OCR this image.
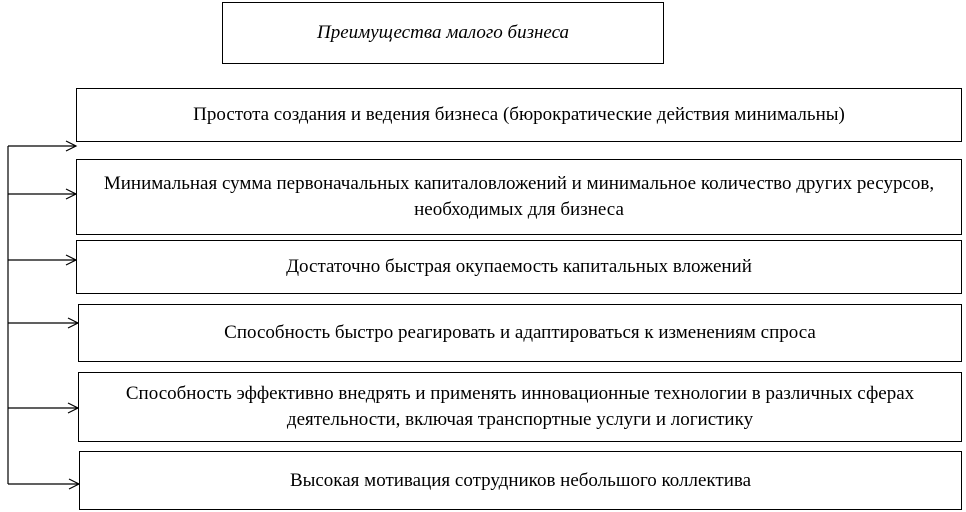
Преимущества малого бизнеса
Простота создания и ведения бизнеса (бюрократические действия минимальны)
Минимальная сумма первоначальных капиталовложений и минимальное количество других ресурсов, необходимых для бизнеса
Достаточно быстрая окупаемость капитальных вложений
Способность быстро реагировать и адаптироваться к изменениям спроса
Способность эффективно внедрять и применять инновационные технологии в различных сферах деятельности, включая транспортные услуги и логистику
Высокая мотивация сотрудников небольшого коллектива
